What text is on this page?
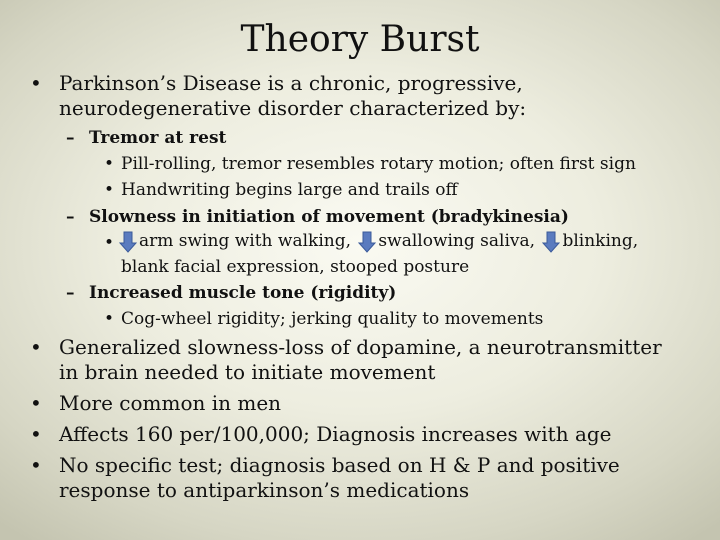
Theory Burst
• Parkinson’s Disease is a chronic, progressive,
neurodegenerative disorder characterized by:
– Tremor at rest
• Pill-rolling, tremor resembles rotary motion; often first sign
• Handwriting begins large and trails off
– Slowness in initiation of movement (bradykinesia)
•	arm swing with walking, swallowing saliva, blinking,
blank facial expression, stooped posture
– Increased muscle tone (rigidity)
• Cog-wheel rigidity; jerking quality to movements
• Generalized slowness-loss of dopamine, a neurotransmitter
in brain needed to initiate movement
• More common in men
• Affects 160 per/100,000; Diagnosis increases with age
• No specific test; diagnosis based on H & P and positive
response to antiparkinson’s medications
